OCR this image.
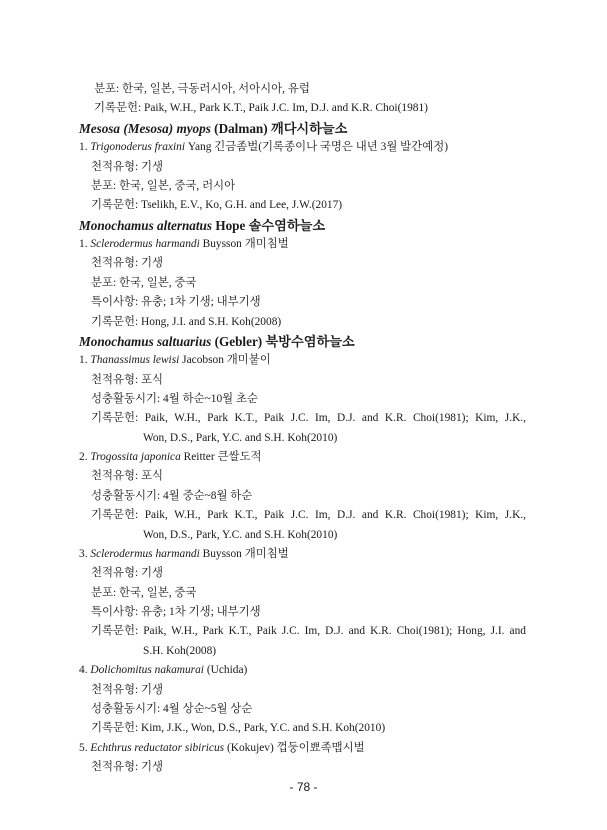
분포: 한국, 일본, 극동러시아, 서아시아, 유럽
기록문헌: Paik, W.H., Park K.T., Paik J.C. Im, D.J. and K.R. Choi(1981)
Mesosa (Mesosa) myops (Dalman) 깨다시하늘소
1. Trigonoderus fraxini Yang 긴금좀벌(기록종이나 국명은 내년 3월 발간예정)
천적유형: 기생
분포: 한국, 일본, 중국, 러시아
기록문헌: Tselikh, E.V., Ko, G.H. and Lee, J.W.(2017)
Monochamus alternatus Hope 솔수염하늘소
1. Sclerodermus harmandi Buysson 개미침벌
천적유형: 기생
분포: 한국, 일본, 중국
특이사항: 유충; 1차 기생; 내부기생
기록문헌: Hong, J.I. and S.H. Koh(2008)
Monochamus saltuarius (Gebler) 북방수염하늘소
1. Thanassimus lewisi Jacobson 개미붙이
천적유형: 포식
성충활동시기: 4월 하순~10월 초순
기록문헌: Paik, W.H., Park K.T., Paik J.C. Im, D.J. and K.R. Choi(1981); Kim, J.K.,
Won, D.S., Park, Y.C. and S.H. Koh(2010)
2. Trogossita japonica Reitter 큰쌀도적
천적유형: 포식
성충활동시기: 4월 중순~8월 하순
기록문헌: Paik, W.H., Park K.T., Paik J.C. Im, D.J. and K.R. Choi(1981); Kim, J.K.,
Won, D.S., Park, Y.C. and S.H. Koh(2010)
3. Sclerodermus harmandi Buysson 개미침벌
천적유형: 기생
분포: 한국, 일본, 중국
특이사항: 유충; 1차 기생; 내부기생
기록문헌: Paik, W.H., Park K.T., Paik J.C. Im, D.J. and K.R. Choi(1981); Hong, J.I. and
S.H. Koh(2008)
4. Dolichomitus nakamurai (Uchida)
천적유형: 기생
성충활동시기: 4월 상순~5월 상순
기록문헌: Kim, J.K., Won, D.S., Park, Y.C. and S.H. Koh(2010)
5. Echthrus reductator sibiricus (Kokujev) 껍둥이뾰족맵시벌
천적유형: 기생
- 78 -
